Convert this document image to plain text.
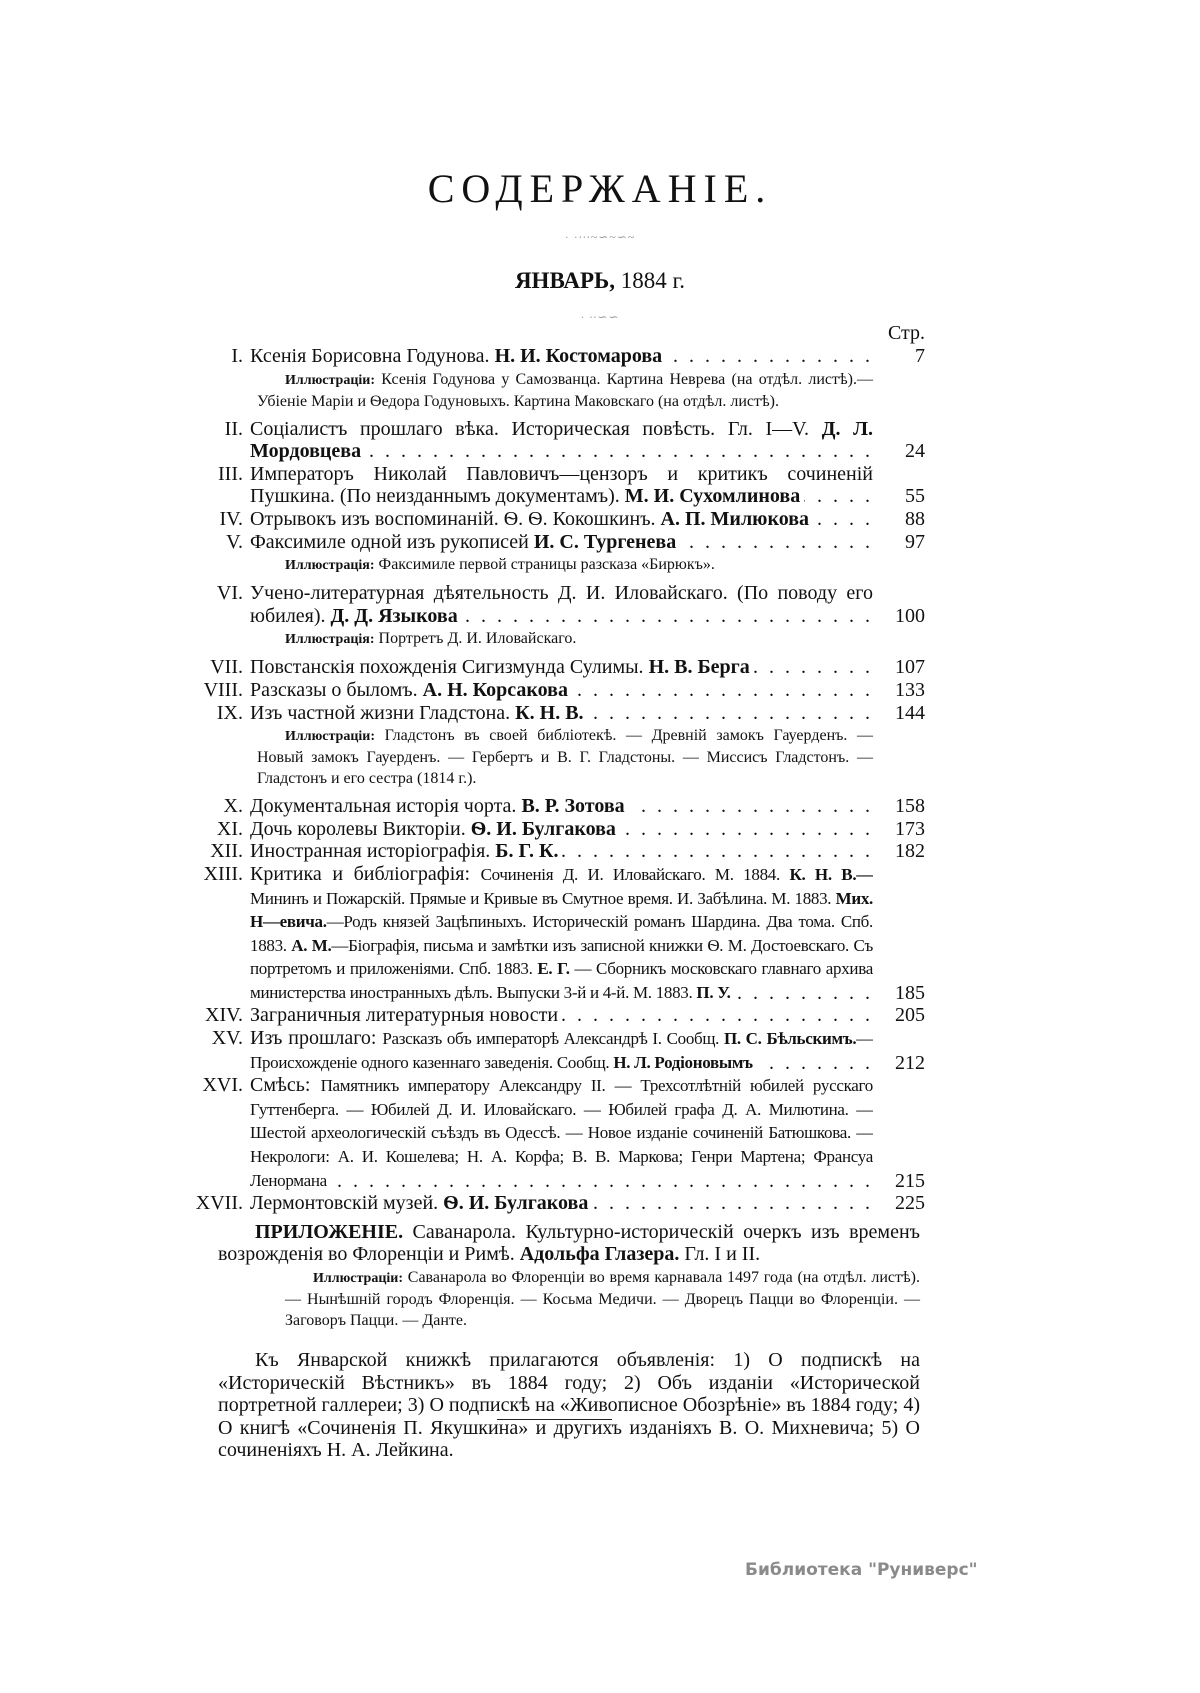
СОДЕРЖАНІЕ.
· ·∙∙∙~∽~∽~
ЯНВАРЬ, 1884 г.
· ∙∙∽∽
Стр.
I. Ксенія Борисовна Годунова. Н. И. Костомарова . . .	7
Иллюстраціи: Ксенія Годунова у Самозванца. Картина Неврева (на отдѣл. листѣ).—Убіеніе Маріи и Ѳедора Годуновыхъ. Картина Маковскаго (на отдѣл. листѣ).
II. Соціалистъ прошлаго вѣка. Историческая повѣсть. Гл. I—V. Д. Л. Мордовцева . . .	24
III. Императоръ Николай Павловичъ—цензоръ и критикъ сочиненій Пушкина. (По неизданнымъ документамъ). М. И. Сухомлинова . . .	55
IV. Отрывокъ изъ воспоминаній. Ѳ. Ѳ. Кокошкинъ. А. П. Милюкова . . .	88
V. Факсимиле одной изъ рукописей И. С. Тургенева . . .	97
Иллюстрація: Факсимиле первой страницы разсказа «Бирюкъ».
VI. Учено-литературная дѣятельность Д. И. Иловайскаго. (По поводу его юбилея). Д. Д. Языкова . . .	100
Иллюстрація: Портретъ Д. И. Иловайскаго.
VII. Повстанскія похожденія Сигизмунда Сулимы. Н. В. Берга . . .	107
VIII. Разсказы о быломъ. А. Н. Корсакова . . .	133
IX. Изъ частной жизни Гладстона. К. Н. В. . . .	144
Иллюстраціи: Гладстонъ въ своей библіотекѣ. — Древній замокъ Гауерденъ. — Новый замокъ Гауерденъ. — Гербертъ и В. Г. Гладстоны. — Миссисъ Гладстонъ. — Гладстонъ и его сестра (1814 г.).
X. Документальная исторія чорта. В. Р. Зотова . . .	158
XI. Дочь королевы Викторіи. Ѳ. И. Булгакова . . .	173
XII. Иностранная исторіографія. Б. Г. К. . . .	182
XIII. Критика и библіографія: Сочиненія Д. И. Иловайскаго. М. 1884. К. Н. В.— Мининъ и Пожарскій. Прямые и Кривые въ Смутное время. И. Забѣлина. М. 1883. Мих. Н—евича.—Родъ князей Зацѣпиныхъ. Историческій романъ Шардина. Два тома. Спб. 1883. А. М.—Біографія, письма и замѣтки изъ записной книжки Ѳ. М. Достоевскаго. Съ портретомъ и приложеніями. Спб. 1883. Е. Г. — Сборникъ московскаго главнаго архива министерства иностранныхъ дѣлъ. Выпуски 3-й и 4-й. М. 1883. П. У. . . .	185
XIV. Заграничныя литературныя новости . . .	205
XV. Изъ прошлаго: Разсказъ объ императорѣ Александрѣ I. Сообщ. П. С. Бѣльскимъ.—Происхожденіе одного казеннаго заведенія. Сообщ. Н. Л. Родіоновымъ . . .	212
XVI. Смѣсь: Памятникъ императору Александру II. — Трехсотлѣтній юбилей русскаго Гуттенберга. — Юбилей Д. И. Иловайскаго. — Юбилей графа Д. А. Милютина. — Шестой археологическій съѣздъ въ Одессѣ. — Новое изданіе сочиненій Батюшкова. — Некрологи: А. И. Кошелева; Н. А. Корфа; В. В. Маркова; Генри Мартена; Франсуа Ленормана . . .	215
XVII. Лермонтовскій музей. Ѳ. И. Булгакова . . .	225
ПРИЛОЖЕНІЕ. Саванарола. Культурно-историческій очеркъ изъ временъ возрожденія во Флоренціи и Римѣ. Адольфа Глазера. Гл. I и II.
Иллюстраціи: Саванарола во Флоренціи во время карнавала 1497 года (на отдѣл. листѣ). — Нынѣшній городъ Флоренція. — Косьма Медичи. — Дворецъ Пацци во Флоренціи. — Заговоръ Пацци. — Данте.
Къ Январской книжкѣ прилагаются объявленія: 1) О подпискѣ на «Историческій Вѣстникъ» въ 1884 году; 2) Объ изданіи «Исторической портретной галлереи; 3) О подпискѣ на «Живописное Обозрѣніе» въ 1884 году; 4) О книгѣ «Сочиненія П. Якушкина» и другихъ изданіяхъ В. О. Михневича; 5) О сочиненіяхъ Н. А. Лейкина.
Библиотека "Руниверс"
